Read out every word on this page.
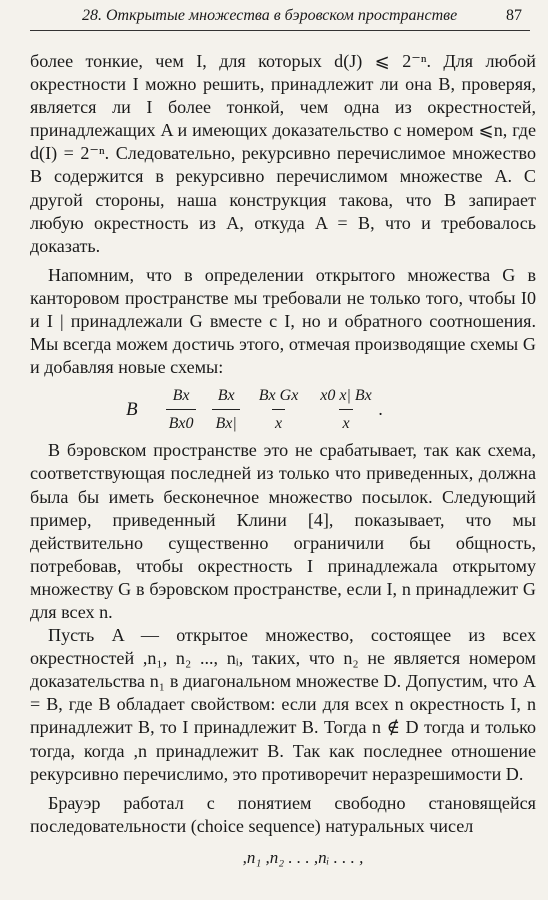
28. Открытые множества в бэровском пространстве	87

более тонкие, чем I, для которых d(J) ⩽ 2⁻ⁿ. Для любой окрестности I можно решить, принадлежит ли она B, проверяя, является ли I более тонкой, чем одна из окрестностей, принадлежащих A и имеющих доказательство с номером ⩽n, где d(I) = 2⁻ⁿ. Следовательно, рекурсивно перечислимое множество B содержится в рекурсивно перечислимом множестве A. С другой стороны, наша конструкция такова, что B запирает любую окрестность из A, откуда A = B, что и требовалось доказать.

Напомним, что в определении открытого множества G в канторовом пространстве мы требовали не только того, чтобы I0 и I | принадлежали G вместе с I, но и обратного соотношения. Мы всегда можем достичь этого, отмечая производящие схемы G и добавляя новые схемы:

B $\frac{Bx}{Bx0} \frac{Bx}{Bx|} \frac{\text{Bx Gx}}{x} \frac{x0 x| Bx}{x}$ .

В бэровском пространстве это не срабатывает, так как схема, соответствующая последней из только что приведенных, должна была бы иметь бесконечное множество посылок. Следующий пример, приведенный Клини [4], показывает, что мы действительно существенно ограничили бы общность, потребовав, чтобы окрестность I принадлежала открытому множеству G в бэровском пространстве, если I, n принадлежит G для всех n.

Пусть A — открытое множество, состоящее из всех окрестностей ,n₁, n₂ ..., nᵢ, таких, что n₂ не является номером доказательства n₁ в диагональном множестве D. Допустим, что A = B, где B обладает свойством: если для всех n окрестность I, n принадлежит B, то I принадлежит B. Тогда n ∉ D тогда и только тогда, когда ,n принадлежит B. Так как последнее отношение рекурсивно перечислимо, это противоречит неразрешимости D.

Брауэр работал с понятием свободно становящейся последовательности (choice sequence) натуральных чисел

,n₁ ,n₂ . . . ,nᵢ . . . ,
